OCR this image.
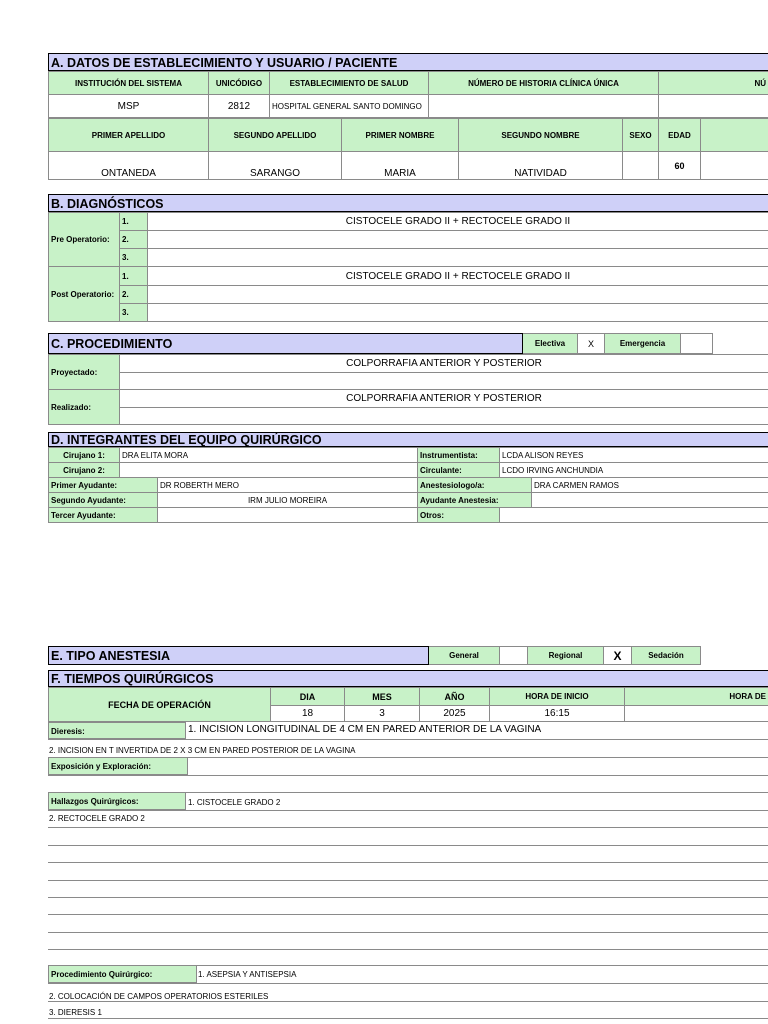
A. DATOS DE ESTABLECIMIENTO Y USUARIO / PACIENTE
INSTITUCIÓN DEL SISTEMA	UNICÓDIGO	ESTABLECIMIENTO DE SALUD	NÚMERO DE HISTORIA CLÍNICA ÚNICA	NÚ
MSP	2812	HOSPITAL GENERAL SANTO DOMINGO		
PRIMER APELLIDO	SEGUNDO APELLIDO	PRIMER NOMBRE	SEGUNDO NOMBRE	SEXO	EDAD	
ONTANEDA	SARANGO	MARIA	NATIVIDAD		60	
B. DIAGNÓSTICOS
Pre Operatorio:	1.	CISTOCELE GRADO II + RECTOCELE GRADO II
	2.	
	3.	
Post Operatorio:	1.	CISTOCELE GRADO II + RECTOCELE GRADO II
	2.	
	3.	
C. PROCEDIMIENTO	Electiva	X	Emergencia		
Proyectado:	COLPORRAFIA ANTERIOR Y POSTERIOR

Realizado:	COLPORRAFIA ANTERIOR Y POSTERIOR

D. INTEGRANTES DEL EQUIPO QUIRÚRGICO
Cirujano 1:	DRA ELITA MORA		Instrumentista:	LCDA ALISON REYES	
Cirujano 2:			Circulante:	LCDO IRVING ANCHUNDIA	
Primer Ayudante:		DR ROBERTH MERO	Anestesiologo/a:		DRA CARMEN RAMOS
Segundo Ayudante:		IRM JULIO MOREIRA	Ayudante Anestesia:		
Tercer Ayudante:			Otros:		
E. TIPO ANESTESIA	General		Regional	X	Sedación	
F. TIEMPOS QUIRÚRGICOS
FECHA DE OPERACIÓN	DIA	MES	AÑO	HORA DE INICIO	HORA DE
	18	3	2025	16:15	
Dieresis:	1. INCISION LONGITUDINAL DE 4 CM EN PARED ANTERIOR DE LA VAGINA
2. INCISION EN T INVERTIDA DE 2 X 3 CM EN PARED POSTERIOR DE LA VAGINA
Exposición y Exploración:
Hallazgos Quirúrgicos:	1. CISTOCELE GRADO 2
2. RECTOCELE GRADO 2
Procedimiento Quirúrgico:	1. ASEPSIA Y ANTISEPSIA
2. COLOCACIÓN DE CAMPOS OPERATORIOS ESTERILES
3. DIERESIS 1
